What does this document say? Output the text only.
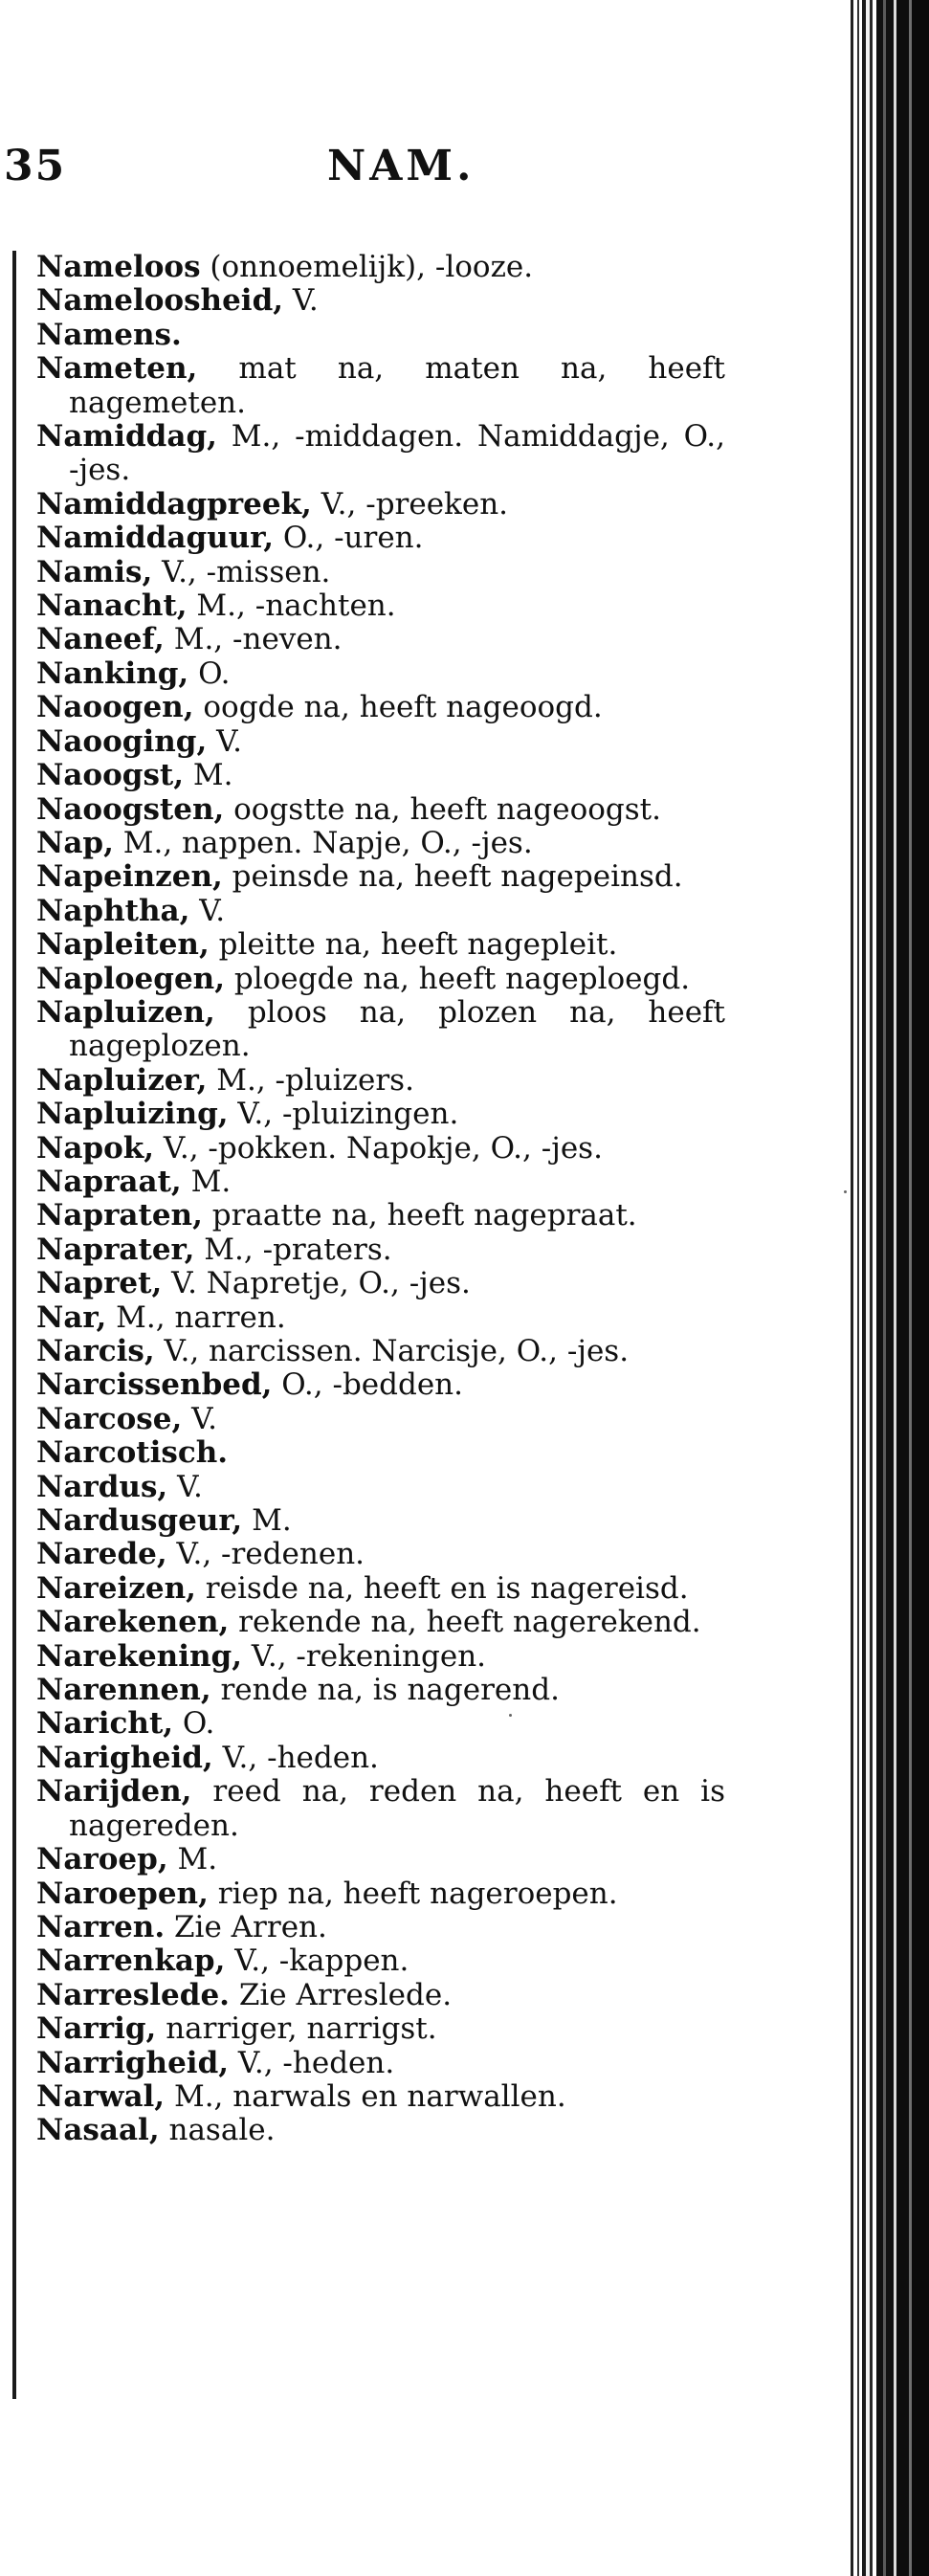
35	NAM.
Nameloos (onnoemelijk), -looze.
Nameloosheid, V.
Namens.
Nameten, mat na, maten na, heeft nagemeten.
Namiddag, M., -middagen. Namiddagje, O., -jes.
Namiddagpreek, V., -preeken.
Namiddaguur, O., -uren.
Namis, V., -missen.
Nanacht, M., -nachten.
Naneef, M., -neven.
Nanking, O.
Naoogen, oogde na, heeft nageoogd.
Naooging, V.
Naoogst, M.
Naoogsten, oogstte na, heeft nageoogst.
Nap, M., nappen. Napje, O., -jes.
Napeinzen, peinsde na, heeft nagepeinsd.
Naphtha, V.
Napleiten, pleitte na, heeft nagepleit.
Naploegen, ploegde na, heeft nageploegd.
Napluizen, ploos na, plozen na, heeft nageplozen.
Napluizer, M., -pluizers.
Napluizing, V., -pluizingen.
Napok, V., -pokken. Napokje, O., -jes.
Napraat, M.
Napraten, praatte na, heeft nagepraat.
Naprater, M., -praters.
Napret, V. Napretje, O., -jes.
Nar, M., narren.
Narcis, V., narcissen. Narcisje, O., -jes.
Narcissenbed, O., -bedden.
Narcose, V.
Narcotisch.
Nardus, V.
Nardusgeur, M.
Narede, V., -redenen.
Nareizen, reisde na, heeft en is nagereisd.
Narekenen, rekende na, heeft nagerekend.
Narekening, V., -rekeningen.
Narennen, rende na, is nagerend.
Naricht, O.
Narigheid, V., -heden.
Narijden, reed na, reden na, heeft en is nagereden.
Naroep, M.
Naroepen, riep na, heeft nageroepen.
Narren. Zie Arren.
Narrenkap, V., -kappen.
Narreslede. Zie Arreslede.
Narrig, narriger, narrigst.
Narrigheid, V., -heden.
Narwal, M., narwals en narwallen.
Nasaal, nasale.
